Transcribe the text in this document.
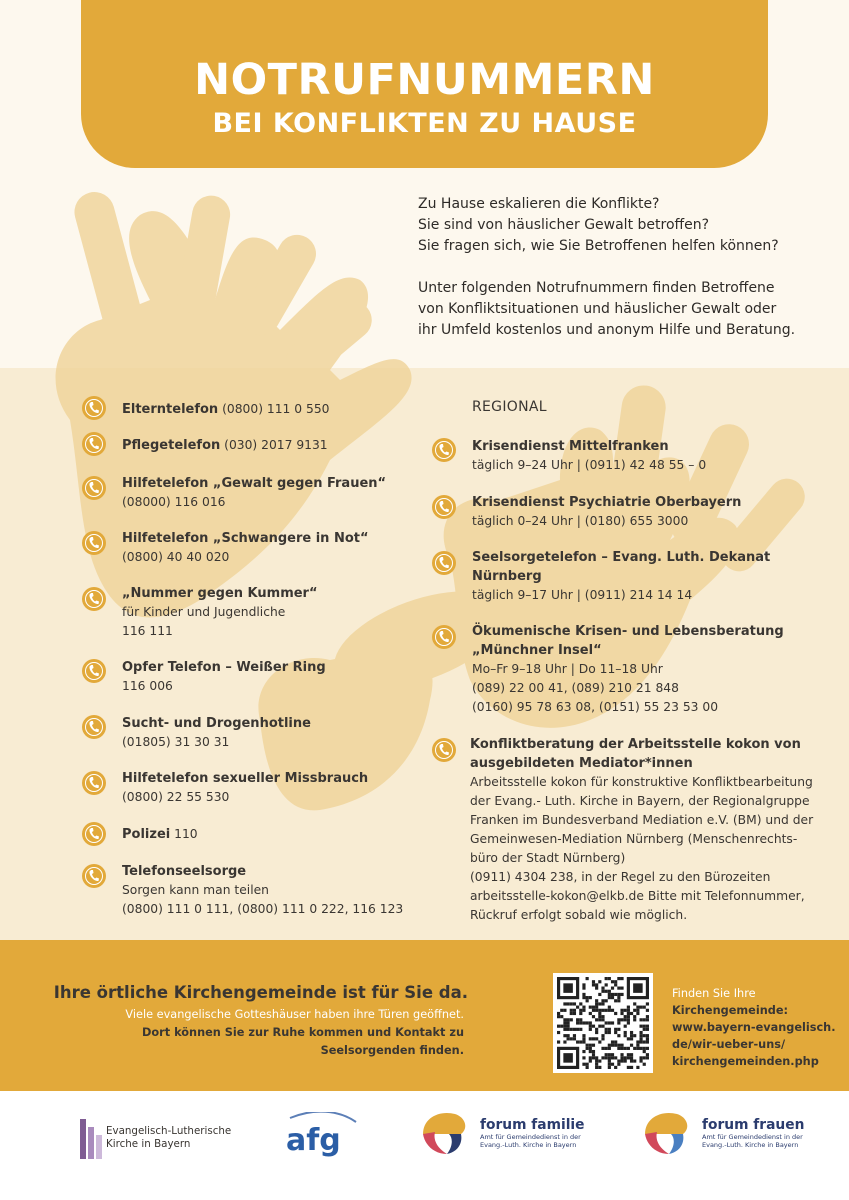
NOTRUFNUMMERN
BEI KONFLIKTEN ZU HAUSE

Zu Hause eskalieren die Konflikte?
Sie sind von häuslicher Gewalt betroffen?
Sie fragen sich, wie Sie Betroffenen helfen können?

Unter folgenden Notrufnummern finden Betroffene
von Konfliktsituationen und häuslicher Gewalt oder
ihr Umfeld kostenlos und anonym Hilfe und Beratung.

Elterntelefon (0800) 111 0 550
Pflegetelefon (030) 2017 9131
Hilfetelefon „Gewalt gegen Frauen“
(08000) 116 016
Hilfetelefon „Schwangere in Not“
(0800) 40 40 020
„Nummer gegen Kummer“
für Kinder und Jugendliche
116 111
Opfer Telefon – Weißer Ring
116 006
Sucht- und Drogenhotline
(01805) 31 30 31
Hilfetelefon sexueller Missbrauch
(0800) 22 55 530
Polizei 110
Telefonseelsorge
Sorgen kann man teilen
(0800) 111 0 111, (0800) 111 0 222, 116 123
REGIONAL
Krisendienst Mittelfranken
täglich 9–24 Uhr | (0911) 42 48 55 – 0
Krisendienst Psychiatrie Oberbayern
täglich 0–24 Uhr | (0180) 655 3000
Seelsorgetelefon – Evang. Luth. Dekanat
Nürnberg
täglich 9–17 Uhr | (0911) 214 14 14
Ökumenische Krisen- und Lebensberatung
„Münchner Insel“
Mo–Fr 9–18 Uhr | Do 11–18 Uhr
(089) 22 00 41, (089) 210 21 848
(0160) 95 78 63 08, (0151) 55 23 53 00
Konfliktberatung der Arbeitsstelle kokon von
ausgebildeten Mediator*innen
Arbeitsstelle kokon für konstruktive Konfliktbearbeitung
der Evang.- Luth. Kirche in Bayern, der Regionalgruppe
Franken im Bundesverband Mediation e.V. (BM) und der
Gemeinwesen-Mediation Nürnberg (Menschenrechts-
büro der Stadt Nürnberg)
(0911) 4304 238, in der Regel zu den Bürozeiten
arbeitsstelle-kokon@elkb.de Bitte mit Telefonnummer,
Rückruf erfolgt sobald wie möglich.
Ihre örtliche Kirchengemeinde ist für Sie da.
Viele evangelische Gotteshäuser haben ihre Türen geöffnet.
Dort können Sie zur Ruhe kommen und Kontakt zu
Seelsorgenden finden.
Finden Sie Ihre
Kirchengemeinde:
www.bayern-evangelisch.
de/wir-ueber-uns/
kirchengemeinden.php
Evangelisch-Lutherische
Kirche in Bayern	afg	forum familie
Amt für Gemeindedienst in der
Evang.-Luth. Kirche in Bayern
forum frauen
Amt für Gemeindedienst in der
Evang.-Luth. Kirche in Bayern
